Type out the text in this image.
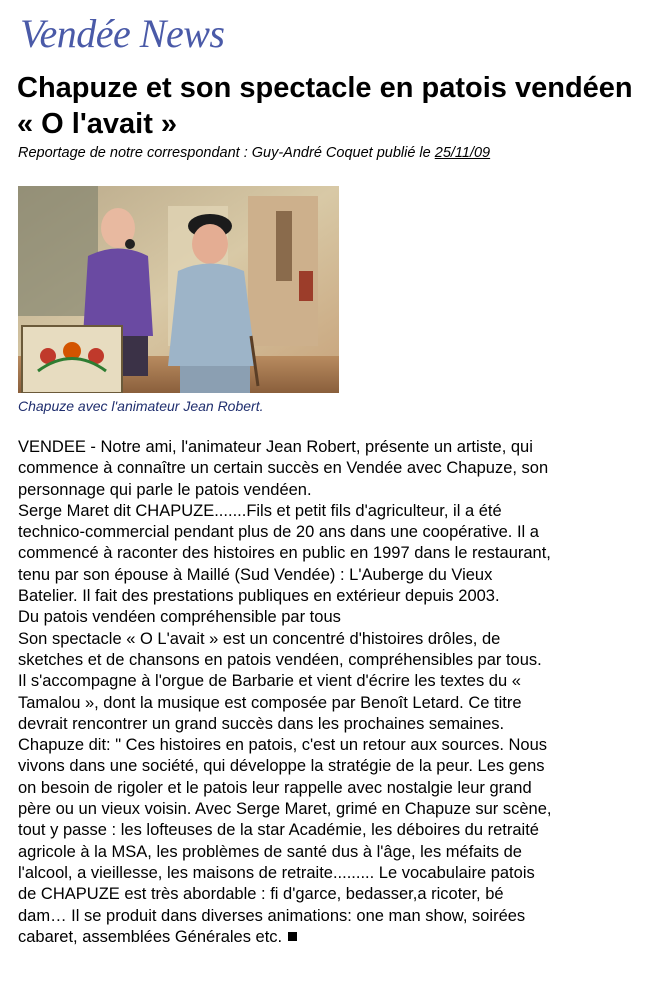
Vendée News
Chapuze et son spectacle en patois vendéen « O l'avait »
Reportage de notre correspondant : Guy-André Coquet publié le 25/11/09
Chapuze avec l'animateur Jean Robert.

VENDEE - Notre ami, l'animateur Jean Robert, présente un artiste, qui

commence à connaître un certain succès en Vendée avec Chapuze, son

personnage qui parle le patois vendéen.

Serge Maret dit CHAPUZE.......Fils et petit fils d'agriculteur, il a été

technico-commercial pendant plus de 20 ans dans une coopérative. Il a

commencé à raconter des histoires en public en 1997 dans le restaurant,

tenu par son épouse à Maillé (Sud Vendée) : L'Auberge du Vieux

Batelier. Il fait des prestations publiques en extérieur depuis 2003.

Du patois vendéen compréhensible par tous

Son spectacle « O L'avait » est un concentré d'histoires drôles, de

sketches et de chansons en patois vendéen, compréhensibles par tous.

Il s'accompagne à l'orgue de Barbarie et vient d'écrire les textes du «

Tamalou », dont la musique est composée par Benoît Letard. Ce titre

devrait rencontrer un grand succès dans les prochaines semaines.

Chapuze dit: " Ces histoires en patois, c'est un retour aux sources. Nous

vivons dans une société, qui développe la stratégie de la peur. Les gens

on besoin de rigoler et le patois leur rappelle avec nostalgie leur grand

père ou un vieux voisin. Avec Serge Maret, grimé en Chapuze sur scène,

tout y passe : les lofteuses de la star Académie, les déboires du retraité

agricole à la MSA, les problèmes de santé dus à l'âge, les méfaits de

l'alcool, a vieillesse, les maisons de retraite......... Le vocabulaire patois

de CHAPUZE est très abordable : fi d'garce, bedasser,a ricoter, bé

dam… Il se produit dans diverses animations: one man show, soirées

cabaret, assemblées Générales etc.
